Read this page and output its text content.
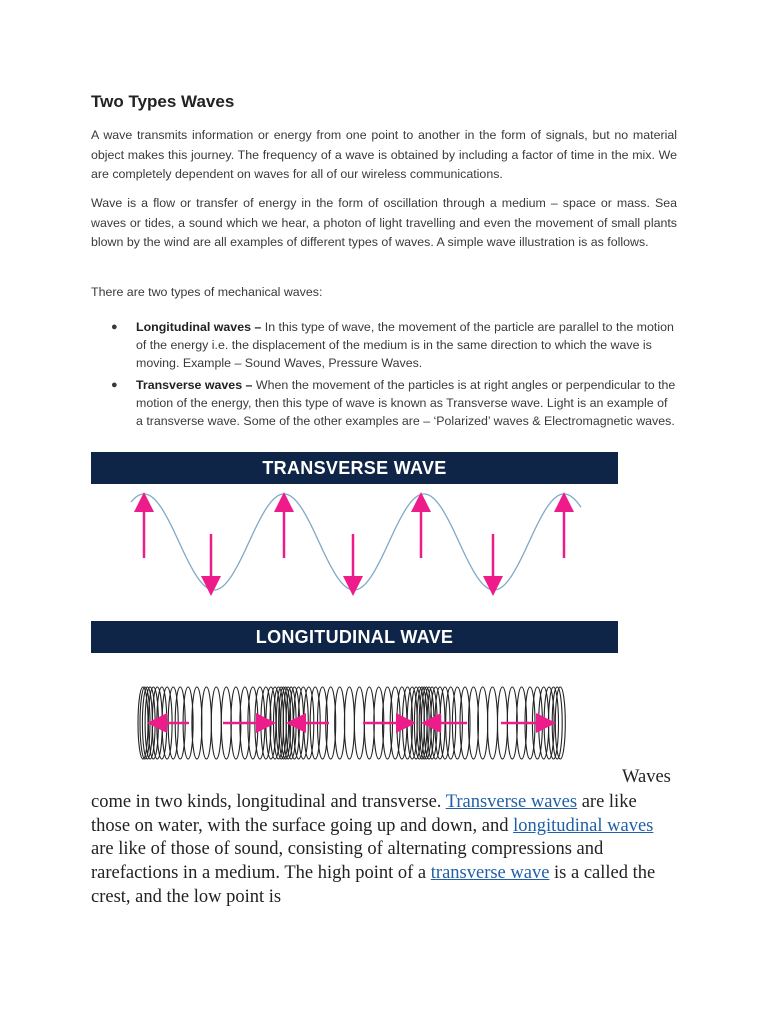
Two Types Waves

A wave transmits information or energy from one point to another in the form of signals, but no material object makes this journey. The frequency of a wave is obtained by including a factor of time in the mix. We are completely dependent on waves for all of our wireless communications.

Wave is a flow or transfer of energy in the form of oscillation through a medium – space or mass. Sea waves or tides, a sound which we hear, a photon of light travelling and even the movement of small plants blown by the wind are all examples of different types of waves. A simple wave illustration is as follows.

There are two types of mechanical waves:

● Longitudinal waves – In this type of wave, the movement of the particle are parallel to the motion of the energy i.e. the displacement of the medium is in the same direction to which the wave is moving. Example – Sound Waves, Pressure Waves.
● Transverse waves – When the movement of the particles is at right angles or perpendicular to the motion of the energy, then this type of wave is known as Transverse wave. Light is an example of a transverse wave. Some of the other examples are – ‘Polarized’ waves & Electromagnetic waves.
TRANSVERSE WAVE
LONGITUDINAL WAVE
Waves

come in two kinds, longitudinal and transverse. Transverse waves are like those on water, with the surface going up and down, and longitudinal waves are like of those of sound, consisting of alternating compressions and rarefactions in a medium. The high point of a transverse wave is a called the crest, and the low point is
